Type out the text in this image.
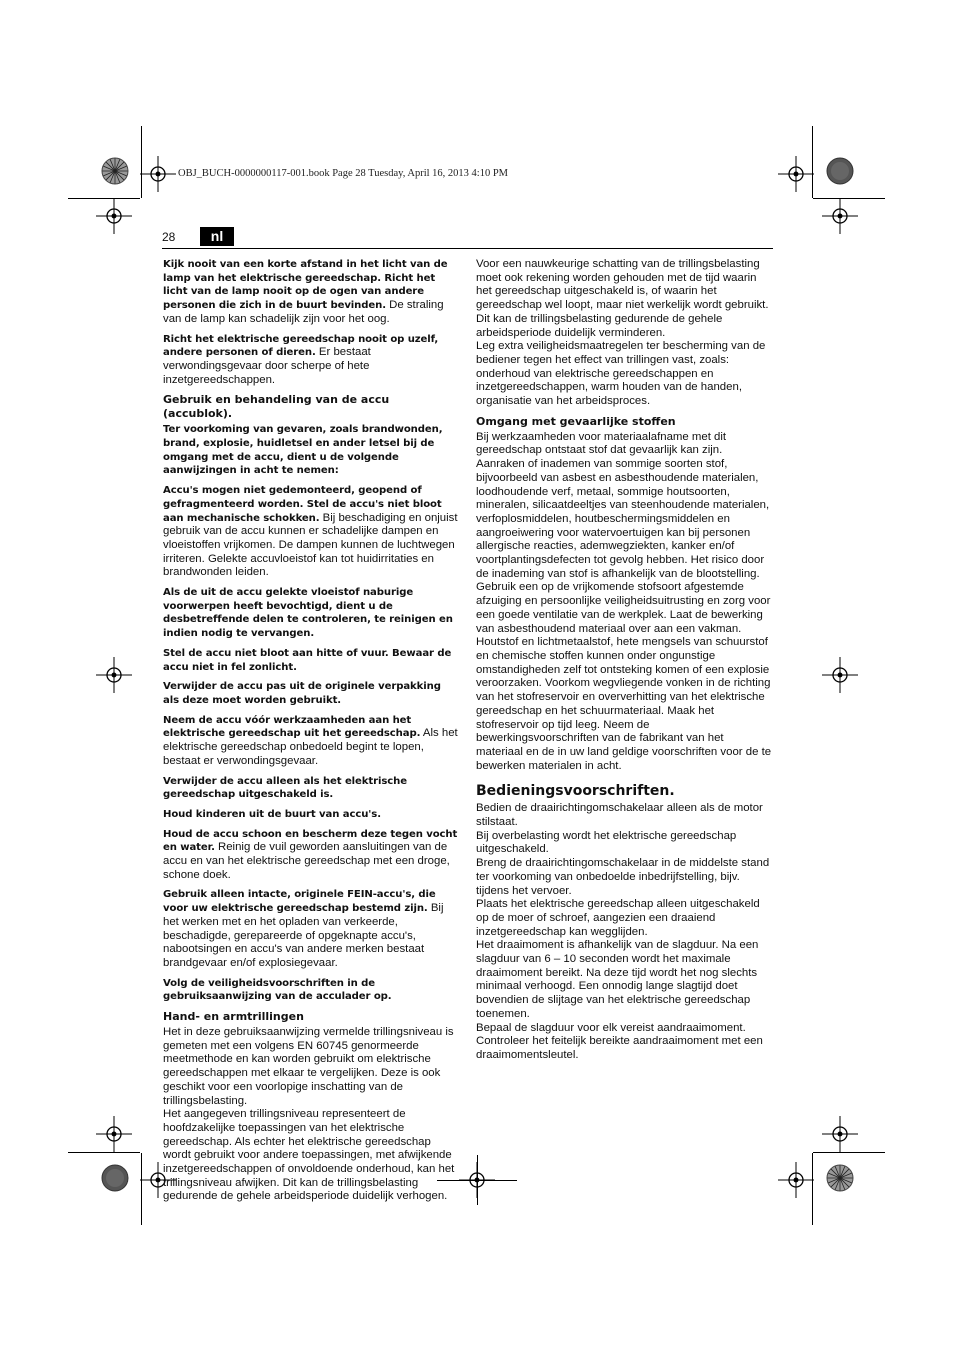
OBJ_BUCH-0000000117-001.book Page 28 Tuesday, April 16, 2013 4:10 PM
28	nl

Kijk nooit van een korte afstand in het licht van de lamp van het elektrische gereedschap. Richt het licht van de lamp nooit op de ogen van andere personen die zich in de buurt bevinden. De straling van de lamp kan schadelijk zijn voor het oog.

Richt het elektrische gereedschap nooit op uzelf, andere personen of dieren. Er bestaat verwondingsgevaar door scherpe of hete inzetgereedschappen.

Gebruik en behandeling van de accu (accublok).

Ter voorkoming van gevaren, zoals brandwonden, brand, explosie, huidletsel en ander letsel bij de omgang met de accu, dient u de volgende aanwijzingen in acht te nemen:

Accu's mogen niet gedemonteerd, geopend of gefragmenteerd worden. Stel de accu's niet bloot aan mechanische schokken. Bij beschadiging en onjuist gebruik van de accu kunnen er schadelijke dampen en vloeistoffen vrijkomen. De dampen kunnen de luchtwegen irriteren. Gelekte accuvloeistof kan tot huidirritaties en brandwonden leiden.

Als de uit de accu gelekte vloeistof naburige voorwerpen heeft bevochtigd, dient u de desbetreffende delen te controleren, te reinigen en indien nodig te vervangen.

Stel de accu niet bloot aan hitte of vuur. Bewaar de accu niet in fel zonlicht.

Verwijder de accu pas uit de originele verpakking als deze moet worden gebruikt.

Neem de accu vóór werkzaamheden aan het elektrische gereedschap uit het gereedschap. Als het elektrische gereedschap onbedoeld begint te lopen, bestaat er verwondingsgevaar.

Verwijder de accu alleen als het elektrische gereedschap uitgeschakeld is.

Houd kinderen uit de buurt van accu's.

Houd de accu schoon en bescherm deze tegen vocht en water. Reinig de vuil geworden aansluitingen van de accu en van het elektrische gereedschap met een droge, schone doek.

Gebruik alleen intacte, originele FEIN-accu's, die voor uw elektrische gereedschap bestemd zijn. Bij het werken met en het opladen van verkeerde, beschadigde, gerepareerde of opgeknapte accu's, nabootsingen en accu's van andere merken bestaat brandgevaar en/of explosiegevaar.

Volg de veiligheidsvoorschriften in de gebruiksaanwijzing van de acculader op.

Hand- en armtrillingen

Het in deze gebruiksaanwijzing vermelde trillingsniveau is gemeten met een volgens EN 60745 genormeerde meetmethode en kan worden gebruikt om elektrische gereedschappen met elkaar te vergelijken. Deze is ook geschikt voor een voorlopige inschatting van de trillingsbelasting.

Het aangegeven trillingsniveau representeert de hoofdzakelijke toepassingen van het elektrische gereedschap. Als echter het elektrische gereedschap wordt gebruikt voor andere toepassingen, met afwijkende inzetgereedschappen of onvoldoende onderhoud, kan het trillingsniveau afwijken. Dit kan de trillingsbelasting gedurende de gehele arbeidsperiode duidelijk verhogen.

Voor een nauwkeurige schatting van de trillingsbelasting moet ook rekening worden gehouden met de tijd waarin het gereedschap uitgeschakeld is, of waarin het gereedschap wel loopt, maar niet werkelijk wordt gebruikt. Dit kan de trillingsbelasting gedurende de gehele arbeidsperiode duidelijk verminderen.

Leg extra veiligheidsmaatregelen ter bescherming van de bediener tegen het effect van trillingen vast, zoals: onderhoud van elektrische gereedschappen en inzetgereedschappen, warm houden van de handen, organisatie van het arbeidsproces.

Omgang met gevaarlijke stoffen

Bij werkzaamheden voor materiaalafname met dit gereedschap ontstaat stof dat gevaarlijk kan zijn.

Aanraken of inademen van sommige soorten stof, bijvoorbeeld van asbest en asbesthoudende materialen, loodhoudende verf, metaal, sommige houtsoorten, mineralen, silicaatdeeltjes van steenhoudende materialen, verfoplosmiddelen, houtbeschermingsmiddelen en aangroeiwering voor watervoertuigen kan bij personen allergische reacties, ademwegziekten, kanker en/of voortplantingsdefecten tot gevolg hebben. Het risico door de inademing van stof is afhankelijk van de blootstelling. Gebruik een op de vrijkomende stofsoort afgestemde afzuiging en persoonlijke veiligheidsuitrusting en zorg voor een goede ventilatie van de werkplek. Laat de bewerking van asbesthoudend materiaal over aan een vakman.

Houtstof en lichtmetaalstof, hete mengsels van schuurstof en chemische stoffen kunnen onder ongunstige omstandigheden zelf tot ontsteking komen of een explosie veroorzaken. Voorkom wegvliegende vonken in de richting van het stofreservoir en oververhitting van het elektrische gereedschap en het schuurmateriaal. Maak het stofreservoir op tijd leeg. Neem de bewerkingsvoorschriften van de fabrikant van het materiaal en de in uw land geldige voorschriften voor de te bewerken materialen in acht.

Bedieningsvoorschriften.

Bedien de draairichtingomschakelaar alleen als de motor stilstaat.

Bij overbelasting wordt het elektrische gereedschap uitgeschakeld.

Breng de draairichtingomschakelaar in de middelste stand ter voorkoming van onbedoelde inbedrijfstelling, bijv. tijdens het vervoer.

Plaats het elektrische gereedschap alleen uitgeschakeld op de moer of schroef, aangezien een draaiend inzetgereedschap kan wegglijden.

Het draaimoment is afhankelijk van de slagduur. Na een slagduur van 6 – 10 seconden wordt het maximale draaimoment bereikt. Na deze tijd wordt het nog slechts minimaal verhoogd. Een onnodig lange slagtijd doet bovendien de slijtage van het elektrische gereedschap toenemen.

Bepaal de slagduur voor elk vereist aandraaimoment. Controleer het feitelijk bereikte aandraaimoment met een draaimomentsleutel.
